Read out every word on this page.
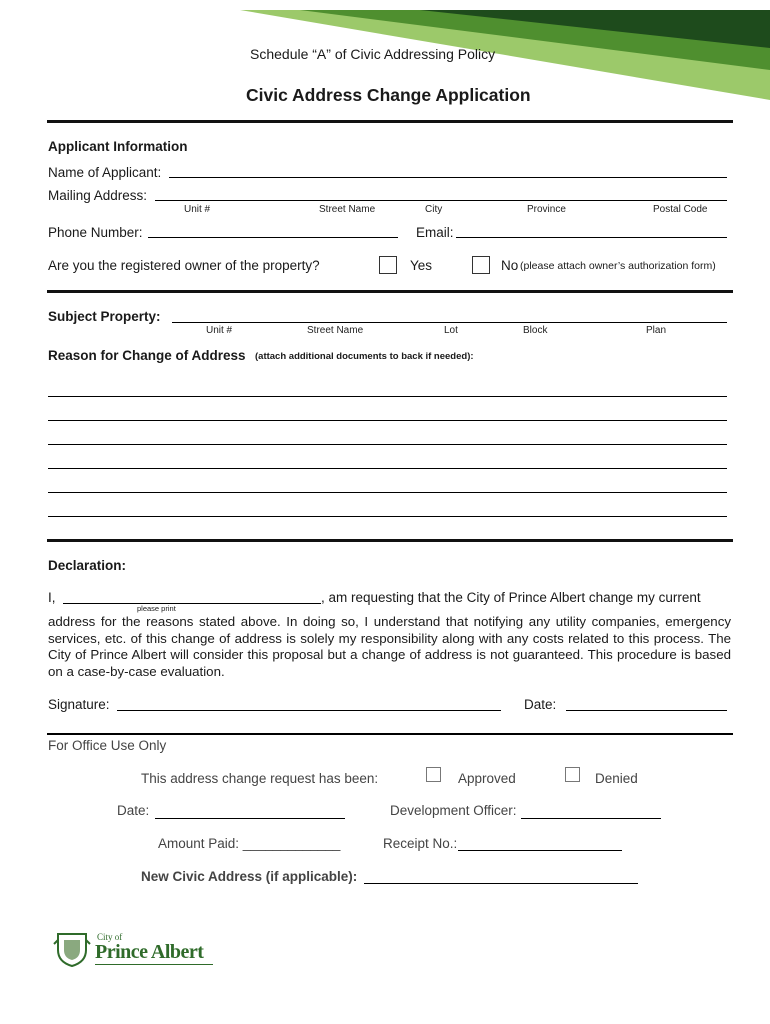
Schedule “A” of Civic Addressing Policy
Civic Address Change Application
Applicant Information
Name of Applicant:
Mailing Address:
Unit #	Street Name	City	Province	Postal Code
Phone Number:	Email:
Are you the registered owner of the property?	Yes	No (please attach owner’s authorization form)
Subject Property:
Unit #	Street Name	Lot	Block	Plan
Reason for Change of Address (attach additional documents to back if needed):
Declaration:
I,
please print
, am requesting that the City of Prince Albert change my current

address for the reasons stated above. In doing so, I understand that notifying any utility companies, emergency services, etc. of this change of address is solely my responsibility along with any costs related to this process. The City of Prince Albert will consider this proposal but a change of address is not guaranteed. This procedure is based on a case-by-case evaluation.

Signature:	Date:
For Office Use Only
This address change request has been:	Approved	Denied
Date:	Development Officer:
Amount Paid: _____________	Receipt No.:
New Civic Address (if applicable):
City of
Prince Albert
